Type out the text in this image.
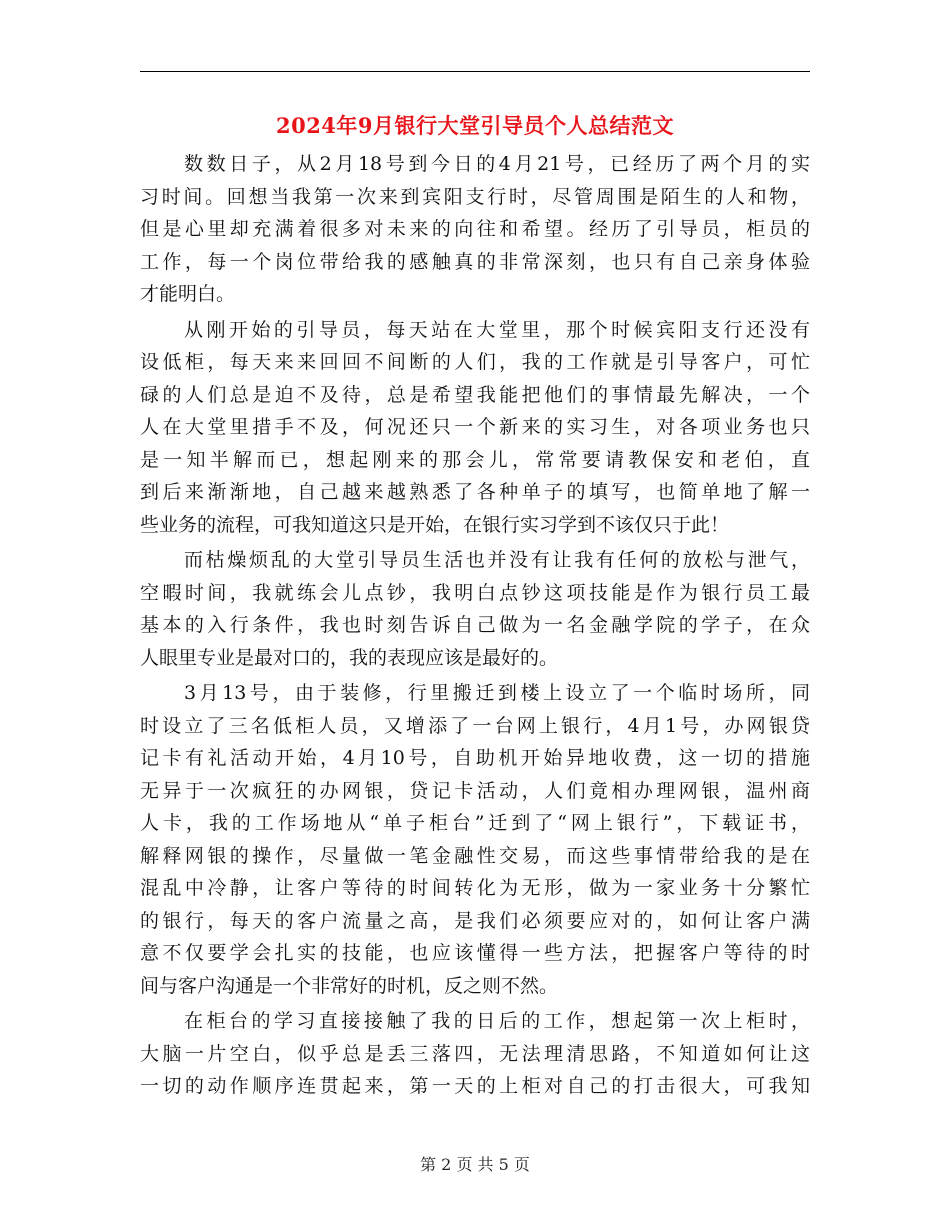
2024年9月银行大堂引导员个人总结范文
数数日子，从2月18号到今日的4月21号，已经历了两个月的实
习时间。回想当我第一次来到宾阳支行时，尽管周围是陌生的人和物，
但是心里却充满着很多对未来的向往和希望。经历了引导员，柜员的
工作，每一个岗位带给我的感触真的非常深刻，也只有自己亲身体验
才能明白。
从刚开始的引导员，每天站在大堂里，那个时候宾阳支行还没有
设低柜，每天来来回回不间断的人们，我的工作就是引导客户，可忙
碌的人们总是迫不及待，总是希望我能把他们的事情最先解决，一个
人在大堂里措手不及，何况还只一个新来的实习生，对各项业务也只
是一知半解而已，想起刚来的那会儿，常常要请教保安和老伯，直
到后来渐渐地，自己越来越熟悉了各种单子的填写，也简单地了解一
些业务的流程，可我知道这只是开始，在银行实习学到不该仅只于此！
而枯燥烦乱的大堂引导员生活也并没有让我有任何的放松与泄气，
空暇时间，我就练会儿点钞，我明白点钞这项技能是作为银行员工最
基本的入行条件，我也时刻告诉自己做为一名金融学院的学子，在众
人眼里专业是最对口的，我的表现应该是最好的。
3月13号，由于装修，行里搬迁到楼上设立了一个临时场所，同
时设立了三名低柜人员，又增添了一台网上银行，4月1号，办网银贷
记卡有礼活动开始，4月10号，自助机开始异地收费，这一切的措施
无异于一次疯狂的办网银，贷记卡活动，人们竟相办理网银，温州商
人卡，我的工作场地从“单子柜台”迁到了“网上银行”，下载证书，
解释网银的操作，尽量做一笔金融性交易，而这些事情带给我的是在
混乱中冷静，让客户等待的时间转化为无形，做为一家业务十分繁忙
的银行，每天的客户流量之高，是我们必须要应对的，如何让客户满
意不仅要学会扎实的技能，也应该懂得一些方法，把握客户等待的时
间与客户沟通是一个非常好的时机，反之则不然。
在柜台的学习直接接触了我的日后的工作，想起第一次上柜时，
大脑一片空白，似乎总是丢三落四，无法理清思路，不知道如何让这
一切的动作顺序连贯起来，第一天的上柜对自己的打击很大，可我知
第 2 页 共 5 页
